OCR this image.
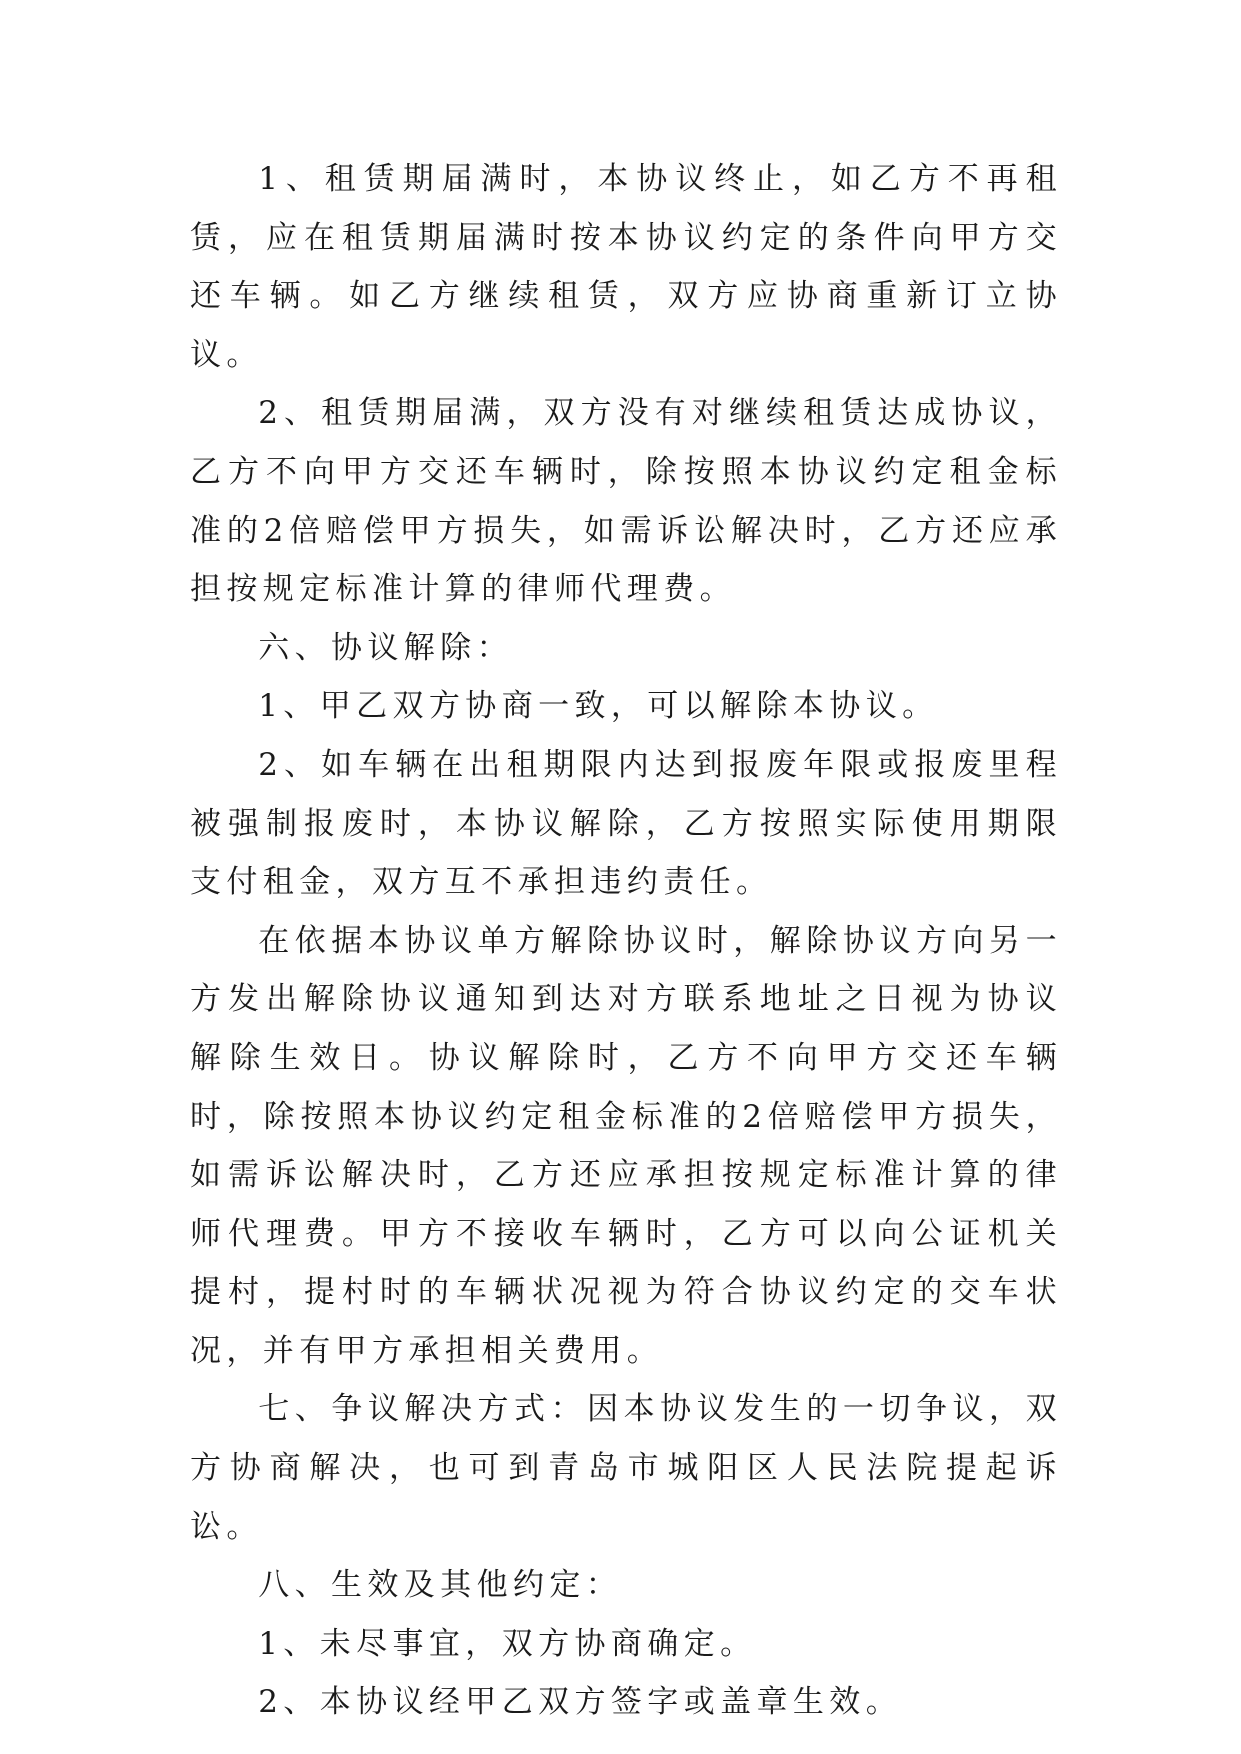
1、租赁期届满时，本协议终止，如乙方不再租赁，应在租赁期届满时按本协议约定的条件向甲方交还车辆。如乙方继续租赁，双方应协商重新订立协议。

2、租赁期届满，双方没有对继续租赁达成协议，乙方不向甲方交还车辆时，除按照本协议约定租金标准的2倍赔偿甲方损失，如需诉讼解决时，乙方还应承担按规定标准计算的律师代理费。

六、协议解除：

1、甲乙双方协商一致，可以解除本协议。

2、如车辆在出租期限内达到报废年限或报废里程被强制报废时，本协议解除，乙方按照实际使用期限支付租金，双方互不承担违约责任。

在依据本协议单方解除协议时，解除协议方向另一方发出解除协议通知到达对方联系地址之日视为协议解除生效日。协议解除时，乙方不向甲方交还车辆时，除按照本协议约定租金标准的2倍赔偿甲方损失，如需诉讼解决时，乙方还应承担按规定标准计算的律师代理费。甲方不接收车辆时，乙方可以向公证机关提村，提村时的车辆状况视为符合协议约定的交车状况，并有甲方承担相关费用。

七、争议解决方式：因本协议发生的一切争议，双方协商解决，也可到青岛市城阳区人民法院提起诉讼。

八、生效及其他约定：

1、未尽事宜，双方协商确定。

2、本协议经甲乙双方签字或盖章生效。
